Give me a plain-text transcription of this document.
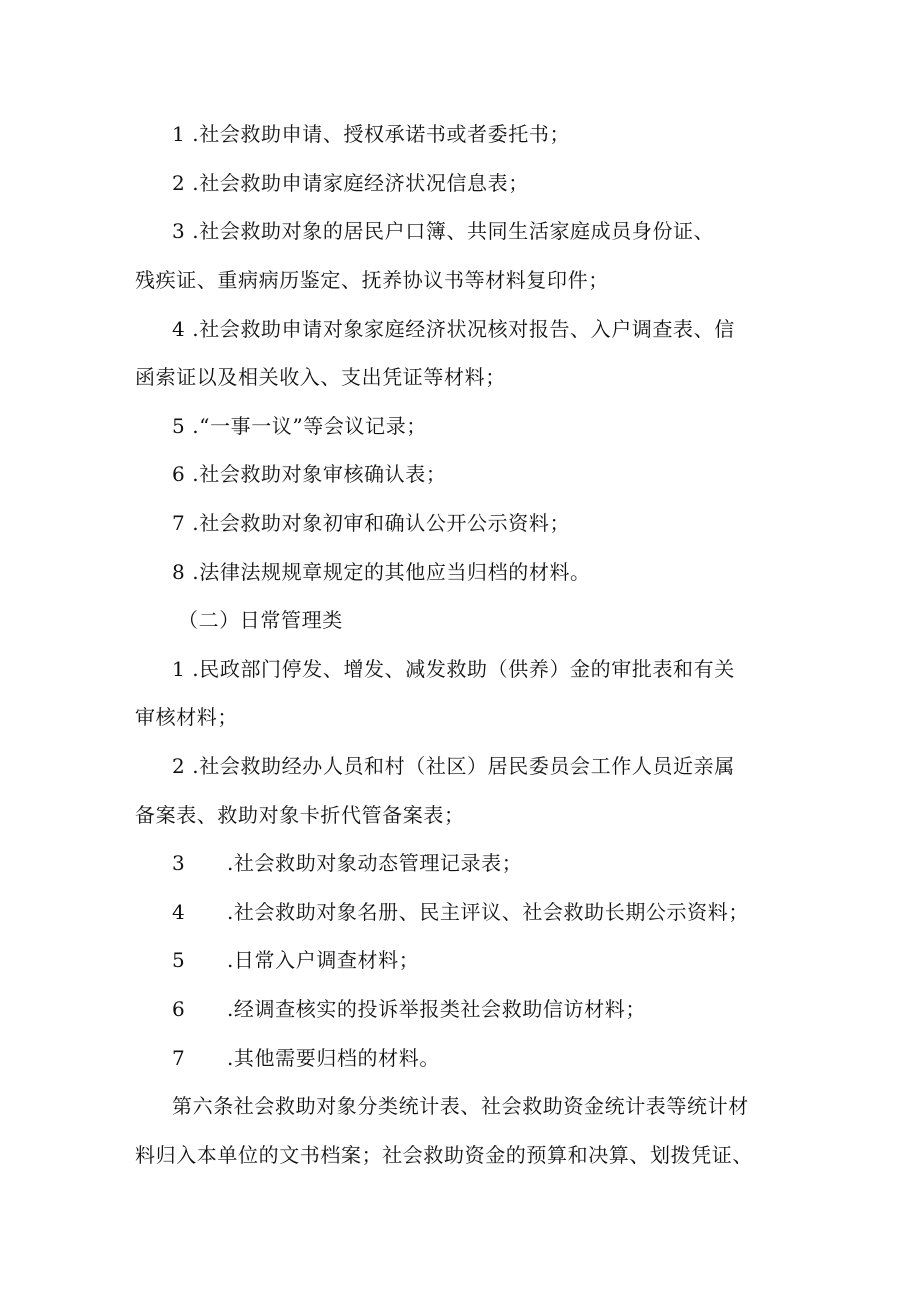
1 .社会救助申请、授权承诺书或者委托书；
2 .社会救助申请家庭经济状况信息表；
3 .社会救助对象的居民户口簿、共同生活家庭成员身份证、
残疾证、重病病历鉴定、抚养协议书等材料复印件；
4 .社会救助申请对象家庭经济状况核对报告、入户调查表、信
函索证以及相关收入、支出凭证等材料；
5 .“一事一议”等会议记录；
6 .社会救助对象审核确认表；
7 .社会救助对象初审和确认公开公示资料；
8 .法律法规规章规定的其他应当归档的材料。
（二）日常管理类
1 .民政部门停发、增发、减发救助（供养）金的审批表和有关
审核材料；
2 .社会救助经办人员和村（社区）居民委员会工作人员近亲属
备案表、救助对象卡折代管备案表；
3 .社会救助对象动态管理记录表；
4 .社会救助对象名册、民主评议、社会救助长期公示资料；
5 .日常入户调查材料；
6 .经调查核实的投诉举报类社会救助信访材料；
7 .其他需要归档的材料。
第六条社会救助对象分类统计表、社会救助资金统计表等统计材
料归入本单位的文书档案；社会救助资金的预算和决算、划拨凭证、
